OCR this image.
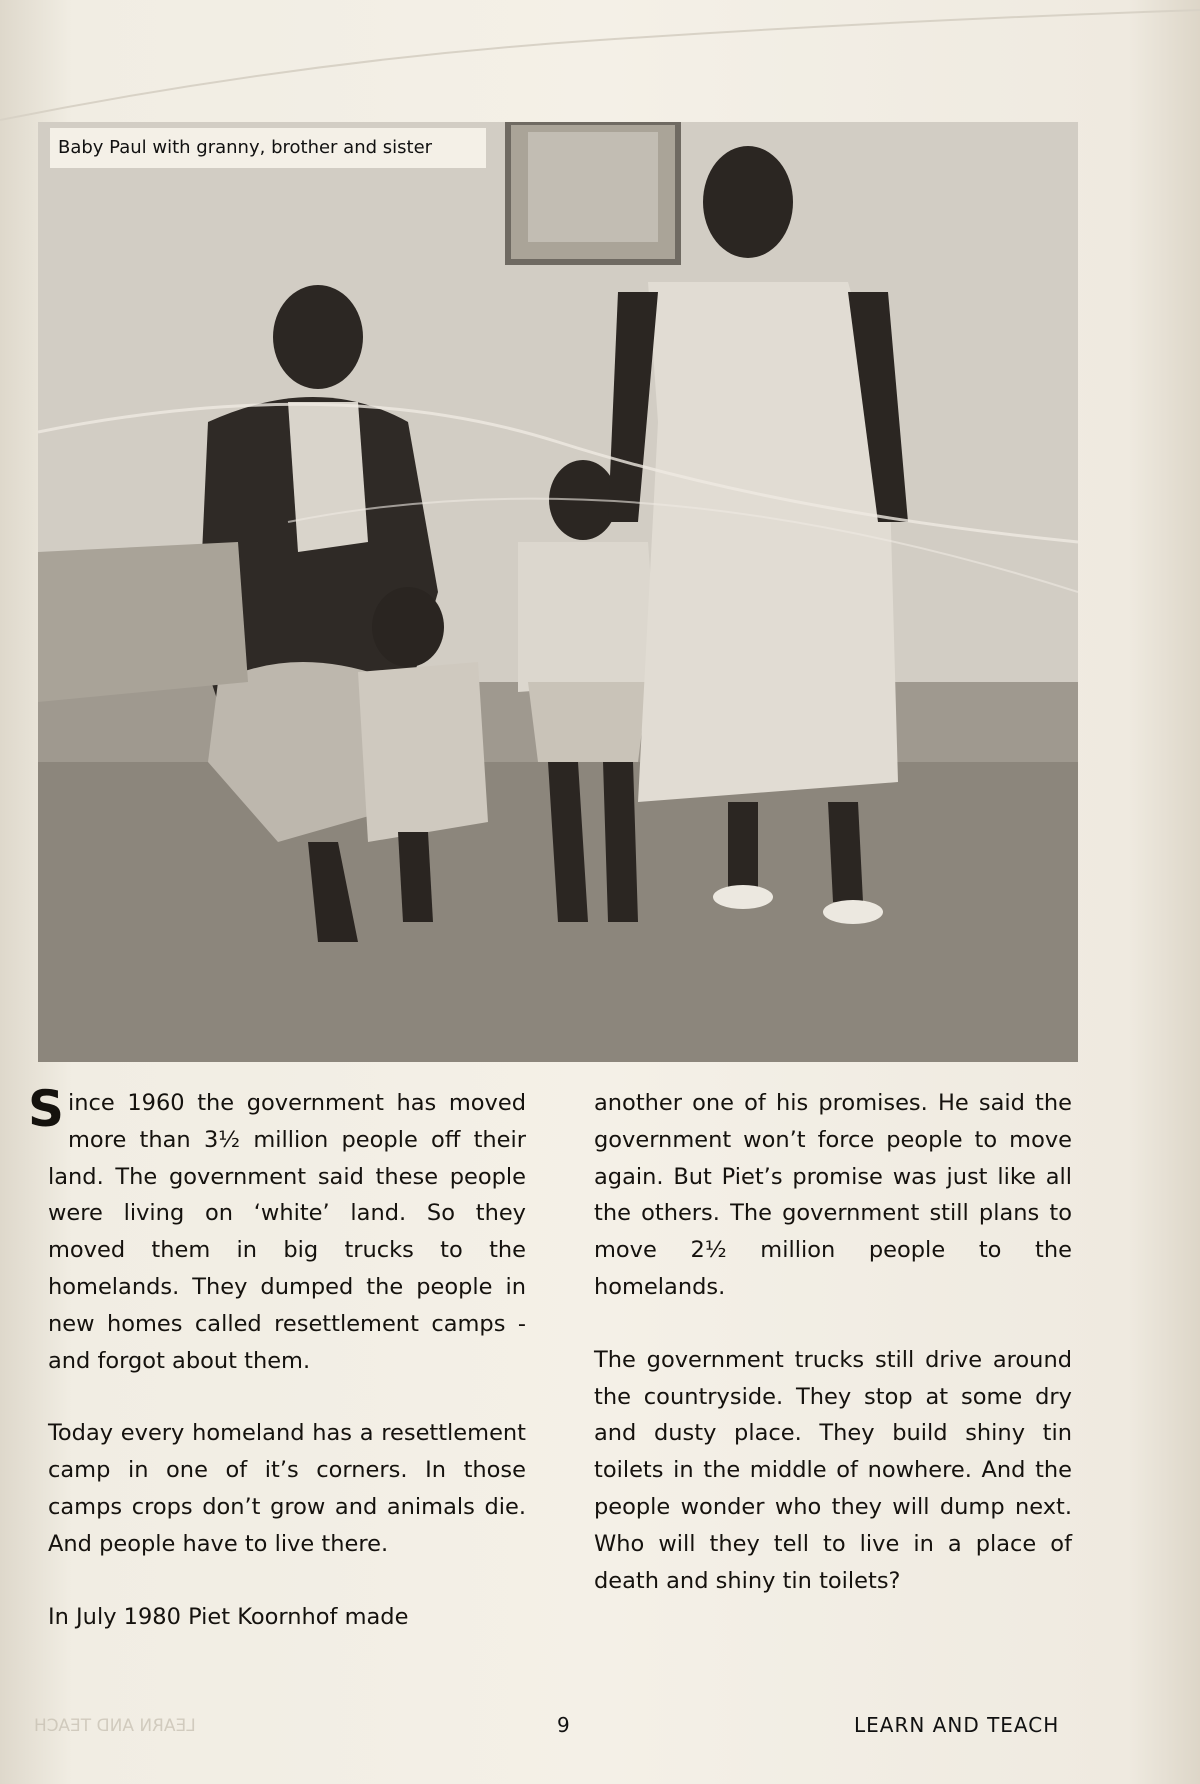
Baby Paul with granny, brother and sister

Since 1960 the government has moved more than 3½ million people off their land. The government said these people were living on ‘white’ land. So they moved them in big trucks to the homelands. They dumped the people in new homes called resettlement camps - and forgot about them.

Today every homeland has a resettlement camp in one of it’s corners. In those camps crops don’t grow and animals die. And people have to live there.

In July 1980 Piet Koornhof made

another one of his promises. He said the government won’t force people to move again. But Piet’s promise was just like all the others. The government still plans to move 2½ million people to the homelands.

The government trucks still drive around the countryside. They stop at some dry and dusty place. They build shiny tin toilets in the middle of nowhere. And the people wonder who they will dump next. Who will they tell to live in a place of death and shiny tin toilets?

LEARN AND TEACH	9	LEARN AND TEACH
